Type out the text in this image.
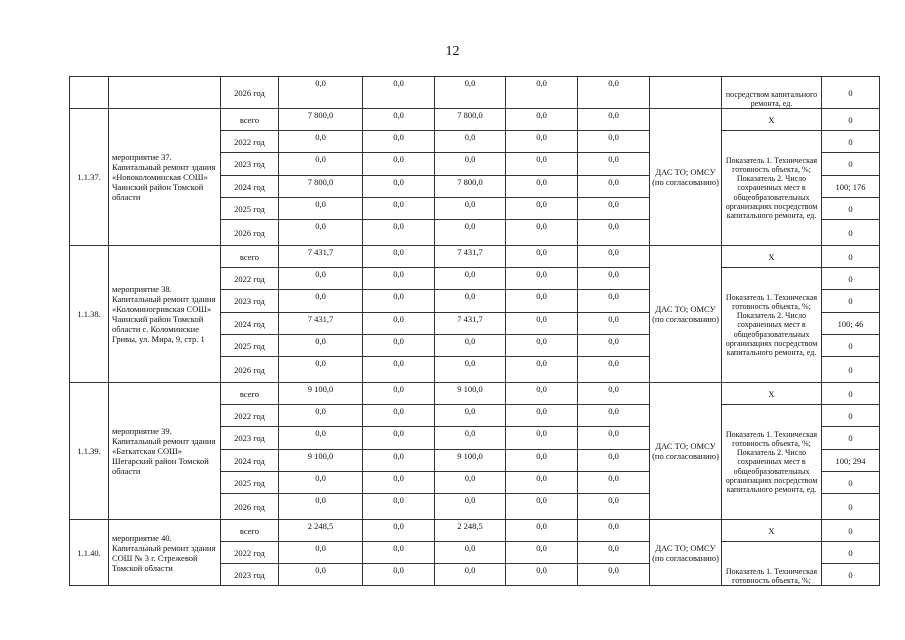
12
		2026 год	0,0	0,0	0,0	0,0	0,0		посредством капитального ремонта, ед.	0
1.1.37.	мероприятие 37. Капитальный ремонт здания «Новоколоминская СОШ» Чаинский район Томской области	всего	7 800,0	0,0	7 800,0	0,0	0,0	ДАС ТО; ОМСУ (по согласованию)	X	0
		2022 год	0,0	0,0	0,0	0,0	0,0		Показатель 1. Техническая готовность объекта, %;
Показатель 2. Число сохраненных мест в общеобразовательных организациях посредством капитального ремонта, ед.	0
		2023 год	0,0	0,0	0,0	0,0	0,0			0
		2024 год	7 800,0	0,0	7 800,0	0,0	0,0			100; 176
		2025 год	0,0	0,0	0,0	0,0	0,0			0
		2026 год	0,0	0,0	0,0	0,0	0,0			0
1.1.38.	мероприятие 38. Капитальный ремонт здания «Коломиногривская СОШ» Чаинский район Томской области с. Коломинские Гривы, ул. Мира, 9, стр. 1	всего	7 431,7	0,0	7 431,7	0,0	0,0	ДАС ТО; ОМСУ (по согласованию)	X	0
		2022 год	0,0	0,0	0,0	0,0	0,0		Показатель 1. Техническая готовность объекта, %;
Показатель 2. Число сохраненных мест в общеобразовательных организациях посредством капитального ремонта, ед.	0
		2023 год	0,0	0,0	0,0	0,0	0,0			0
		2024 год	7 431,7	0,0	7 431,7	0,0	0,0			100; 46
		2025 год	0,0	0,0	0,0	0,0	0,0			0
		2026 год	0,0	0,0	0,0	0,0	0,0			0
1.1.39.	мероприятие 39. Капитальный ремонт здания «Баткатская СОШ» Шегарский район Томской области	всего	9 100,0	0,0	9 100,0	0,0	0,0	ДАС ТО; ОМСУ (по согласованию)	X	0
		2022 год	0,0	0,0	0,0	0,0	0,0		Показатель 1. Техническая готовность объекта, %;
Показатель 2. Число сохраненных мест в общеобразовательных организациях посредством капитального ремонта, ед.	0
		2023 год	0,0	0,0	0,0	0,0	0,0			0
		2024 год	9 100,0	0,0	9 100,0	0,0	0,0			100; 294
		2025 год	0,0	0,0	0,0	0,0	0,0			0
		2026 год	0,0	0,0	0,0	0,0	0,0			0
1.1.40.	мероприятие 40. Капитальный ремонт здания СОШ № 3 г. Стрежевой Томской области	всего	2 248,5	0,0	2 248,5	0,0	0,0	ДАС ТО; ОМСУ (по согласованию)	X	0
		2022 год	0,0	0,0	0,0	0,0	0,0		Показатель 1. Техническая готовность объекта, %;	0
		2023 год	0,0	0,0	0,0	0,0	0,0			0
